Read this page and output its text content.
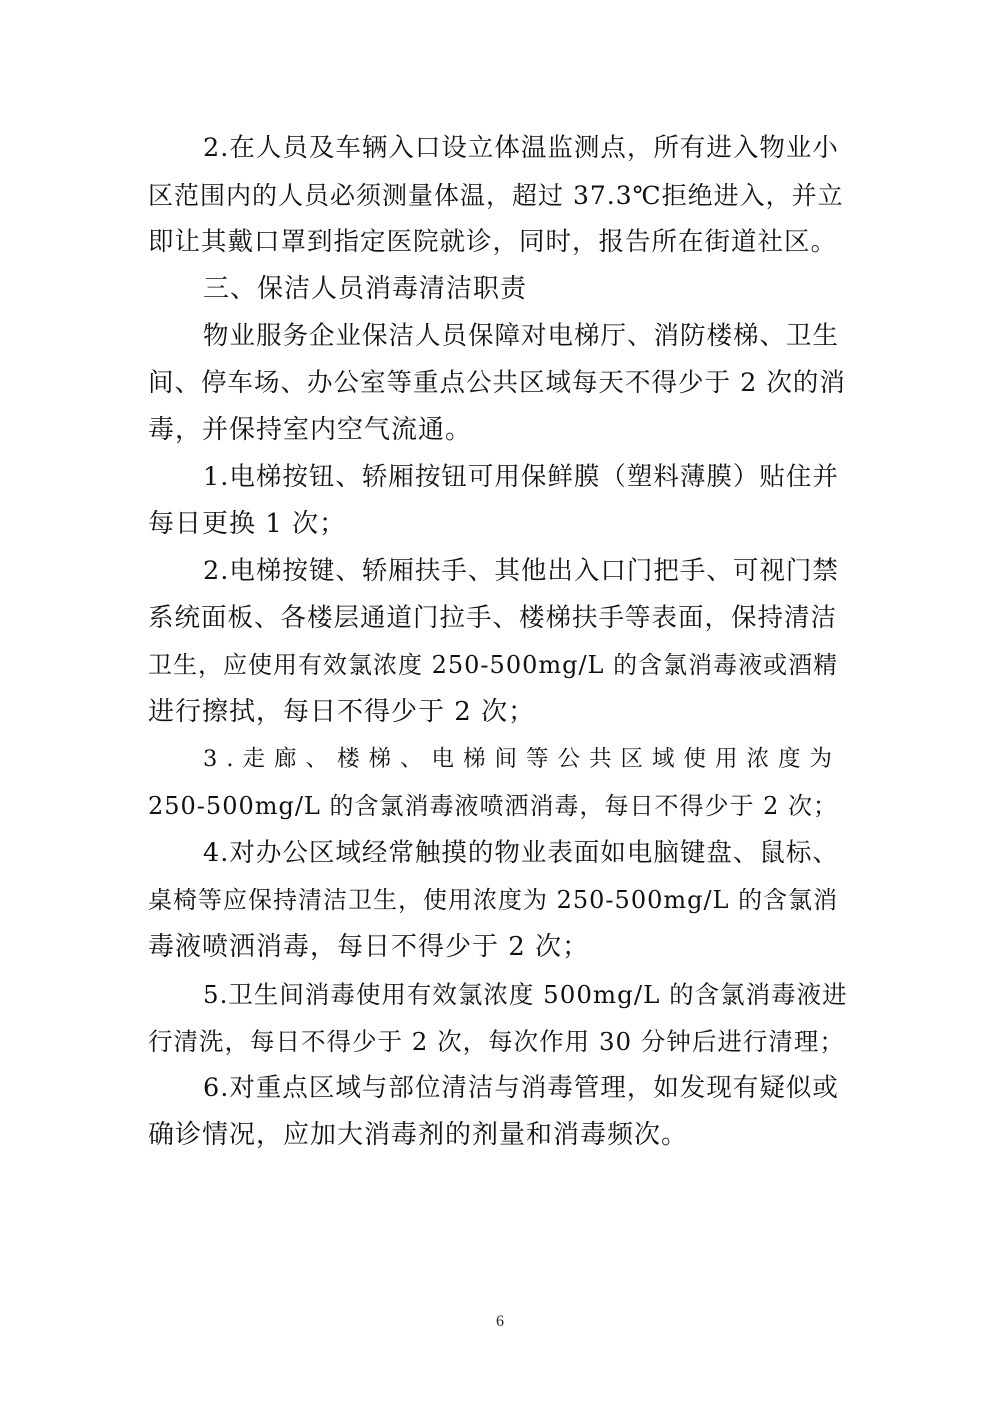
2.在人员及车辆入口设立体温监测点，所有进入物业小
区范围内的人员必须测量体温，超过 37.3℃拒绝进入，并立
即让其戴口罩到指定医院就诊，同时，报告所在街道社区。
三、保洁人员消毒清洁职责
物业服务企业保洁人员保障对电梯厅、消防楼梯、卫生
间、停车场、办公室等重点公共区域每天不得少于 2 次的消
毒，并保持室内空气流通。
1.电梯按钮、轿厢按钮可用保鲜膜（塑料薄膜）贴住并
每日更换 1 次；
2.电梯按键、轿厢扶手、其他出入口门把手、可视门禁
系统面板、各楼层通道门拉手、楼梯扶手等表面，保持清洁
卫生，应使用有效氯浓度 250-500mg/L 的含氯消毒液或酒精
进行擦拭，每日不得少于 2 次；
3.走廊、楼梯、电梯间等公共区域使用浓度为
250-500mg/L 的含氯消毒液喷洒消毒，每日不得少于 2 次；
4.对办公区域经常触摸的物业表面如电脑键盘、鼠标、
桌椅等应保持清洁卫生，使用浓度为 250-500mg/L 的含氯消
毒液喷洒消毒，每日不得少于 2 次；
5.卫生间消毒使用有效氯浓度 500mg/L 的含氯消毒液进
行清洗，每日不得少于 2 次，每次作用 30 分钟后进行清理；
6.对重点区域与部位清洁与消毒管理，如发现有疑似或
确诊情况，应加大消毒剂的剂量和消毒频次。
6
